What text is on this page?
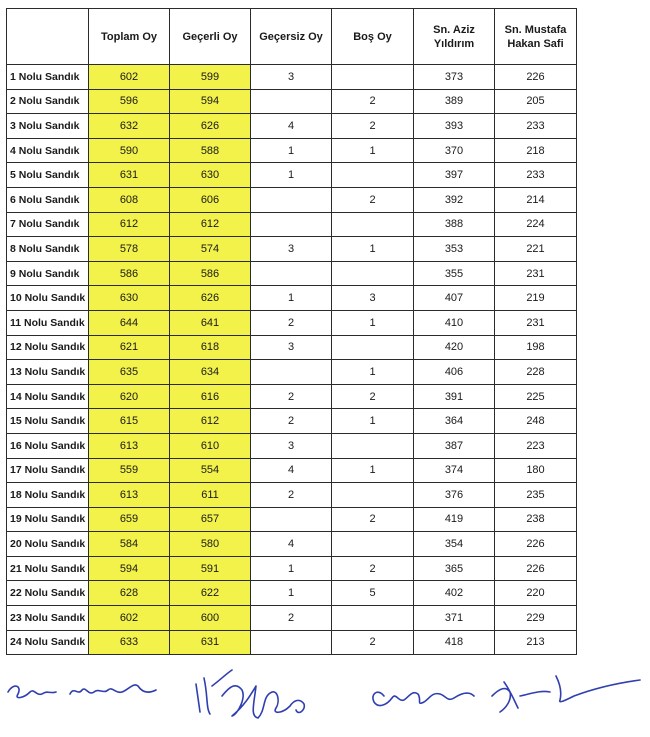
	Toplam Oy	Geçerli Oy	Geçersiz Oy	Boş Oy	Sn. Aziz Yıldırım	Sn. Mustafa Hakan Safi
1 Nolu Sandık	602	599	3		373	226
2 Nolu Sandık	596	594		2	389	205
3 Nolu Sandık	632	626	4	2	393	233
4 Nolu Sandık	590	588	1	1	370	218
5 Nolu Sandık	631	630	1		397	233
6 Nolu Sandık	608	606		2	392	214
7 Nolu Sandık	612	612			388	224
8 Nolu Sandık	578	574	3	1	353	221
9 Nolu Sandık	586	586			355	231
10 Nolu Sandık	630	626	1	3	407	219
11 Nolu Sandık	644	641	2	1	410	231
12 Nolu Sandık	621	618	3		420	198
13 Nolu Sandık	635	634		1	406	228
14 Nolu Sandık	620	616	2	2	391	225
15 Nolu Sandık	615	612	2	1	364	248
16 Nolu Sandık	613	610	3		387	223
17 Nolu Sandık	559	554	4	1	374	180
18 Nolu Sandık	613	611	2		376	235
19 Nolu Sandık	659	657		2	419	238
20 Nolu Sandık	584	580	4		354	226
21 Nolu Sandık	594	591	1	2	365	226
22 Nolu Sandık	628	622	1	5	402	220
23 Nolu Sandık	602	600	2		371	229
24 Nolu Sandık	633	631		2	418	213
